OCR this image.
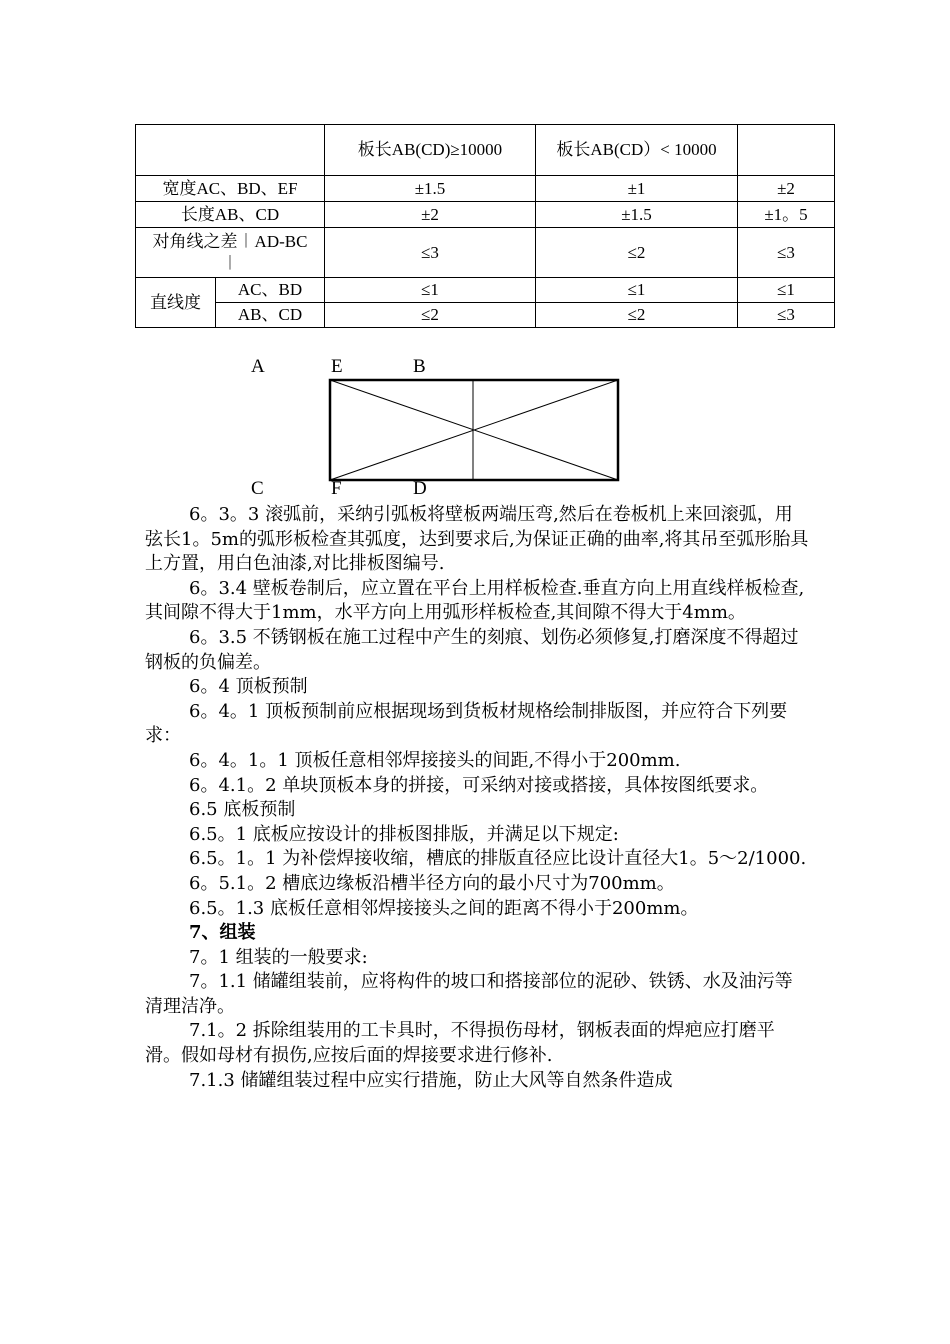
		板长AB(CD)≥10000	板长AB(CD）< 10000	
宽度AC、BD、EF		±1.5	±1	±2
长度AB、CD		±2	±1.5	±1。5
对角线之差︱AD-BC︱		≤3	≤2	≤3
直线度	AC、BD	≤1	≤1	≤1
	AB、CD	≤2	≤2	≤3
A	E	B
C	F	D

6。3。3 滚弧前，采纳引弧板将壁板两端压弯,然后在卷板机上来回滚弧，用弦长1。5m的弧形板检查其弧度，达到要求后,为保证正确的曲率,将其吊至弧形胎具上方置，用白色油漆,对比排板图编号.

6。3.4 壁板卷制后，应立置在平台上用样板检查.垂直方向上用直线样板检查,其间隙不得大于1mm，水平方向上用弧形样板检查,其间隙不得大于4mm。

6。3.5 不锈钢板在施工过程中产生的刻痕、划伤必须修复,打磨深度不得超过钢板的负偏差。

6。4 顶板预制

6。4。1 顶板预制前应根据现场到货板材规格绘制排版图，并应符合下列要求：

6。4。1。1 顶板任意相邻焊接接头的间距,不得小于200mm.

6。4.1。2 单块顶板本身的拼接，可采纳对接或搭接，具体按图纸要求。

6.5 底板预制

6.5。1 底板应按设计的排板图排版，并满足以下规定:

6.5。1。1 为补偿焊接收缩，槽底的排版直径应比设计直径大1。5～2/1000.

6。5.1。2 槽底边缘板沿槽半径方向的最小尺寸为700mm。

6.5。1.3 底板任意相邻焊接接头之间的距离不得小于200mm。

7、组装

7。1 组装的一般要求:

7。1.1 储罐组装前，应将构件的坡口和搭接部位的泥砂、铁锈、水及油污等清理洁净。

7.1。2 拆除组装用的工卡具时，不得损伤母材，钢板表面的焊疤应打磨平滑。假如母材有损伤,应按后面的焊接要求进行修补.

7.1.3 储罐组装过程中应实行措施，防止大风等自然条件造成
